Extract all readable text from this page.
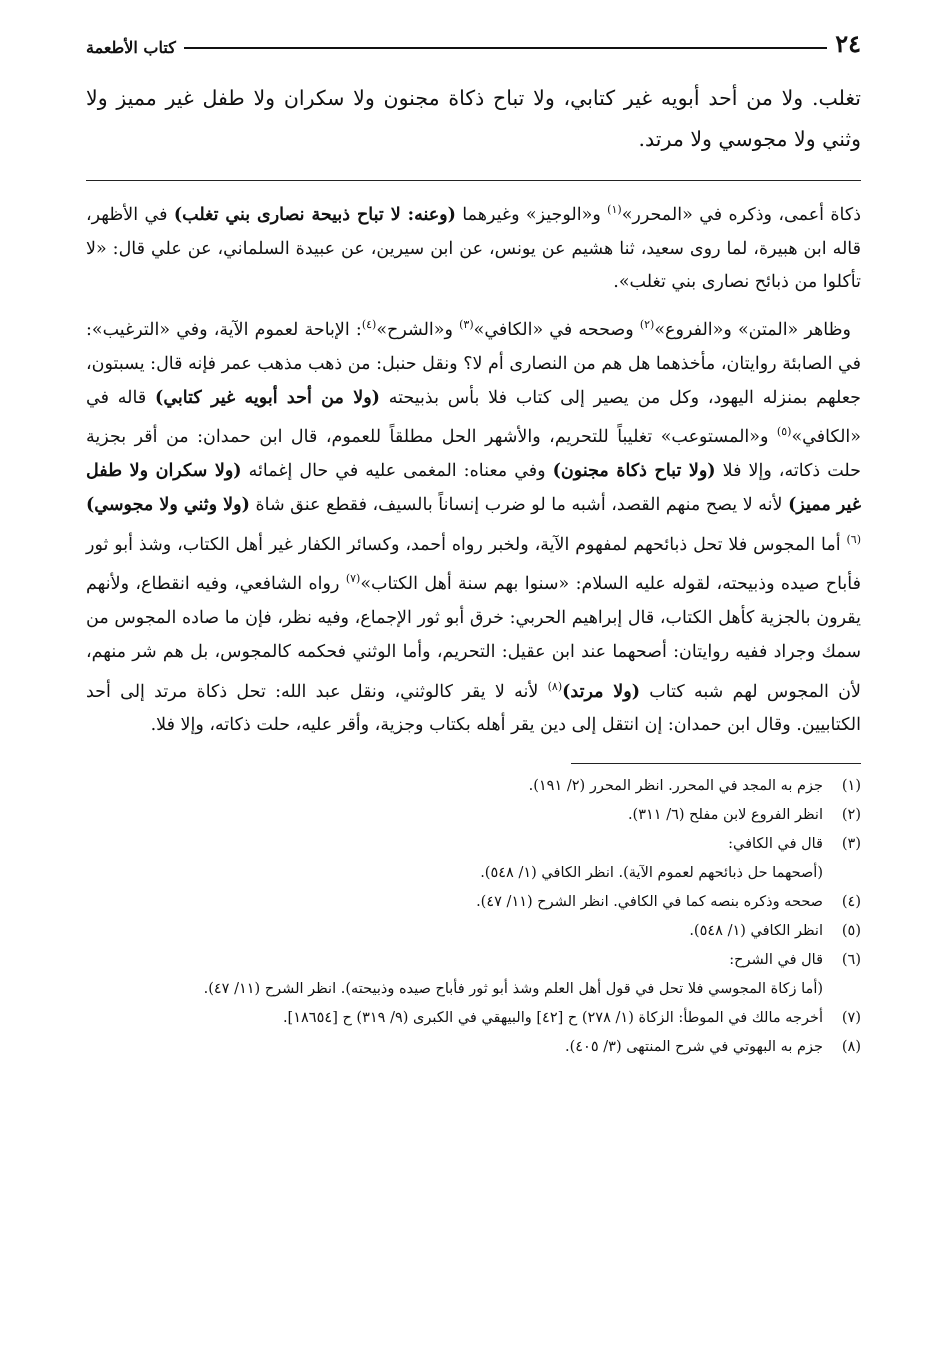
٢٤
كتاب الأطعمة
تغلب. ولا من أحد أبويه غير كتابي، ولا تباح ذكاة مجنون ولا سكران ولا طفل غير مميز ولا وثني ولا مجوسي ولا مرتد.

ذكاة أعمى، وذكره في «المحرر»$^{(١)}$ و«الوجيز» وغيرهما (وعنه: لا تباح ذبيحة نصارى بني تغلب) في الأظهر، قاله ابن هبيرة، لما روى سعيد، ثنا هشيم عن يونس، عن ابن سيرين، عن عبيدة السلماني، عن علي قال: «لا تأكلوا من ذبائح نصارى بني تغلب».

وظاهر «المتن» و«الفروع»$^{(٢)}$ وصححه في «الكافي»$^{(٣)}$ و«الشرح»$^{(٤)}$: الإباحة لعموم الآية، وفي «الترغيب»: في الصابئة روايتان، مأخذهما هل هم من النصارى أم لا؟ ونقل حنبل: من ذهب مذهب عمر فإنه قال: يسبتون، جعلهم بمنزله اليهود، وكل من يصير إلى كتاب فلا بأس بذبيحته (ولا من أحد أبويه غير كتابي) قاله في «الكافي»$^{(٥)}$ و«المستوعب» تغليباً للتحريم، والأشهر الحل مطلقاً للعموم، قال ابن حمدان: من أقر بجزية حلت ذكاته، وإلا فلا (ولا تباح ذكاة مجنون) وفي معناه: المغمى عليه في حال إغمائه (ولا سكران ولا طفل غير مميز) لأنه لا يصح منهم القصد، أشبه ما لو ضرب إنساناً بالسيف، فقطع عنق شاة (ولا وثني ولا مجوسي)$^{(٦)}$ أما المجوس فلا تحل ذبائحهم لمفهوم الآية، ولخبر رواه أحمد، وكسائر الكفار غير أهل الكتاب، وشذ أبو ثور فأباح صيده وذبيحته، لقوله عليه السلام: «سنوا بهم سنة أهل الكتاب»$^{(٧)}$ رواه الشافعي، وفيه انقطاع، ولأنهم يقرون بالجزية كأهل الكتاب، قال إبراهيم الحربي: خرق أبو ثور الإجماع، وفيه نظر، فإن ما صاده المجوس من سمك وجراد ففيه روايتان: أصحهما عند ابن عقيل: التحريم، وأما الوثني فحكمه كالمجوس، بل هم شر منهم، لأن المجوس لهم شبه كتاب (ولا مرتد)$^{(٨)}$ لأنه لا يقر كالوثني، ونقل عبد الله: تحل ذكاة مرتد إلى أحد الكتابيين. وقال ابن حمدان: إن انتقل إلى دين يقر أهله بكتاب وجزية، وأقر عليه، حلت ذكاته، وإلا فلا.

(١)
جزم به المجد في المحرر. انظر المحرر (٢/ ١٩١).
(٢)
انظر الفروع لابن مفلح (٦/ ٣١١).
(٣)
قال في الكافي:
(أصحهما حل ذبائحهم لعموم الآية). انظر الكافي (١/ ٥٤٨).
(٤)
صححه وذكره بنصه كما في الكافي. انظر الشرح (١١/ ٤٧).
(٥)
انظر الكافي (١/ ٥٤٨).
(٦)
قال في الشرح:
(أما زكاة المجوسي فلا تحل في قول أهل العلم وشذ أبو ثور فأباح صيده وذبيحته). انظر الشرح (١١/ ٤٧).
(٧)
أخرجه مالك في الموطأ: الزكاة (١/ ٢٧٨) ح [٤٢] والبيهقي في الكبرى (٩/ ٣١٩) ح [١٨٦٥٤].
(٨)
جزم به البهوتي في شرح المنتهى (٣/ ٤٠٥).
